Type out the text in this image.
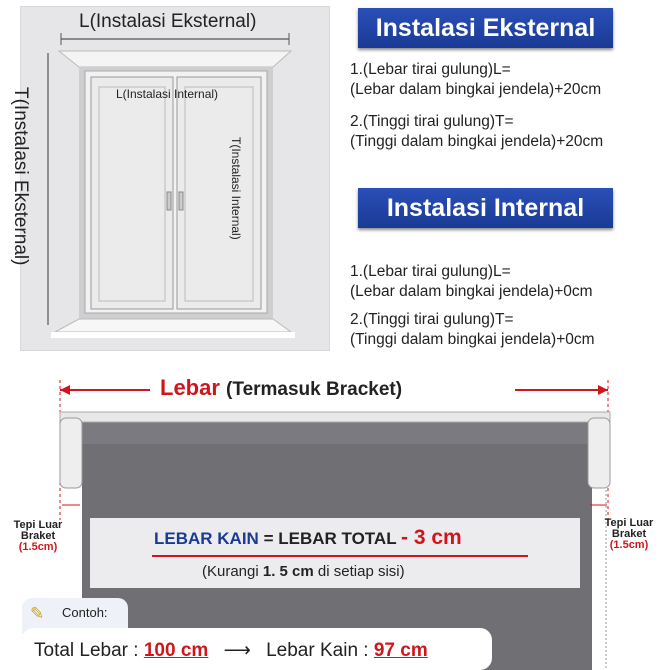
L(Instalasi Eksternal)
T(Instalasi Eksternal)	L(Instalasi Internal)
T(Instalasi Internal)
Instalasi Eksternal
1.(Lebar tirai gulung)L=
(Lebar dalam bingkai jendela)+20cm
2.(Tinggi tirai gulung)T=
(Tinggi dalam bingkai jendela)+20cm
Instalasi Internal
1.(Lebar tirai gulung)L=
(Lebar dalam bingkai jendela)+0cm
2.(Tinggi tirai gulung)T=
(Tinggi dalam bingkai jendela)+0cm
Lebar (Termasuk Bracket)
Tepi Luar
Braket
(1.5cm)
Tepi Luar
Braket
(1.5cm)
LEBAR KAIN = LEBAR TOTAL - 3 cm
(Kurangi 1. 5 cm di setiap sisi)
✎ Contoh:
Total Lebar : 100 cm ⟶ Lebar Kain : 97 cm
